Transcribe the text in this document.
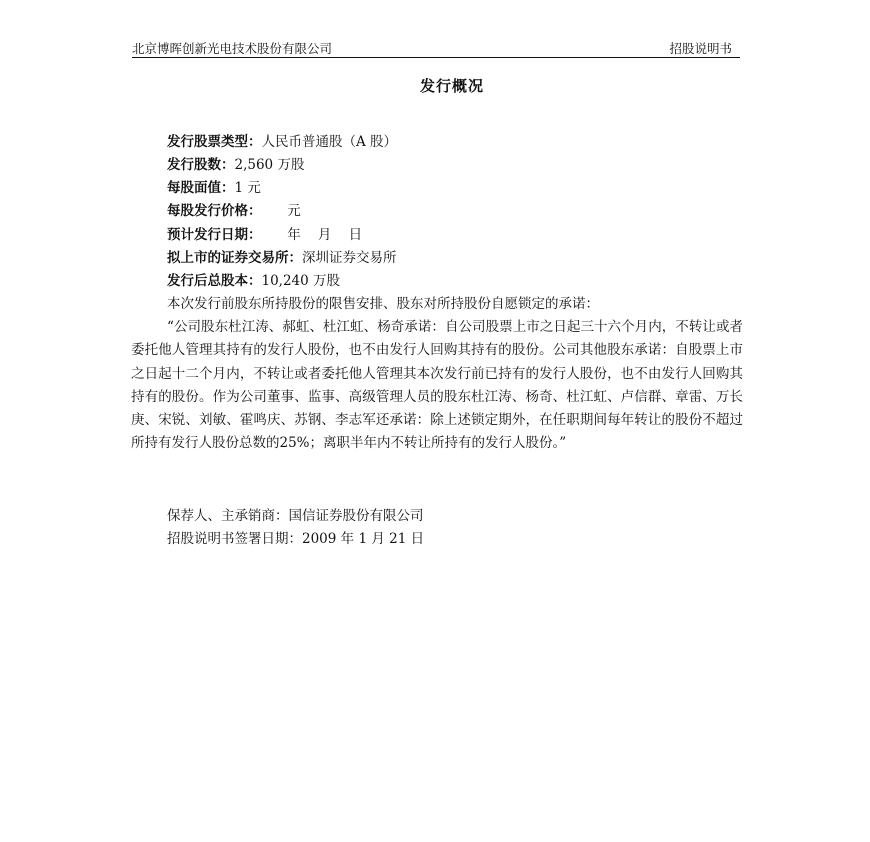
北京博晖创新光电技术股份有限公司	招股说明书
发行概况
发行股票类型：人民币普通股（A 股）
发行股数：2,560 万股
每股面值：1 元
每股发行价格：      元
预计发行日期：      年    月    日
拟上市的证券交易所：深圳证券交易所
发行后总股本：10,240 万股
本次发行前股东所持股份的限售安排、股东对所持股份自愿锁定的承诺：
“公司股东杜江涛、郝虹、杜江虹、杨奇承诺：自公司股票上市之日起三十六个月内，不转让或者委托他人管理其持有的发行人股份，也不由发行人回购其持有的股份。公司其他股东承诺：自股票上市之日起十二个月内，不转让或者委托他人管理其本次发行前已持有的发行人股份，也不由发行人回购其持有的股份。作为公司董事、监事、高级管理人员的股东杜江涛、杨奇、杜江虹、卢信群、章雷、万长庚、宋锐、刘敏、霍鸣庆、苏钢、李志军还承诺：除上述锁定期外，在任职期间每年转让的股份不超过所持有发行人股份总数的25%；离职半年内不转让所持有的发行人股份。”
保荐人、主承销商：国信证券股份有限公司
招股说明书签署日期：2009 年 1 月 21 日
